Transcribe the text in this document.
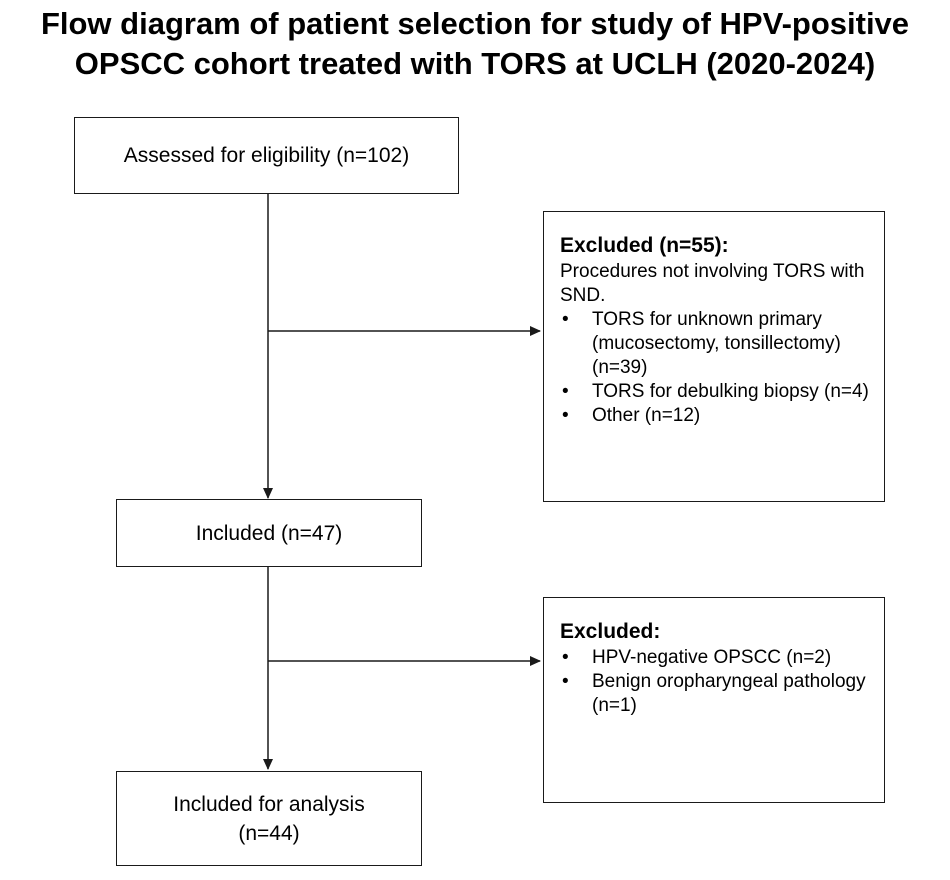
Flow diagram of patient selection for study of HPV-positive
OPSCC cohort treated with TORS at UCLH (2020-2024)
Assessed for eligibility (n=102)
Included (n=47)
Included for analysis
(n=44)
Excluded (n=55):
Procedures not involving TORS with SND.
• TORS for unknown primary (mucosectomy, tonsillectomy) (n=39)
• TORS for debulking biopsy (n=4)
• Other (n=12)
Excluded:
• HPV-negative OPSCC (n=2)
• Benign oropharyngeal pathology (n=1)
